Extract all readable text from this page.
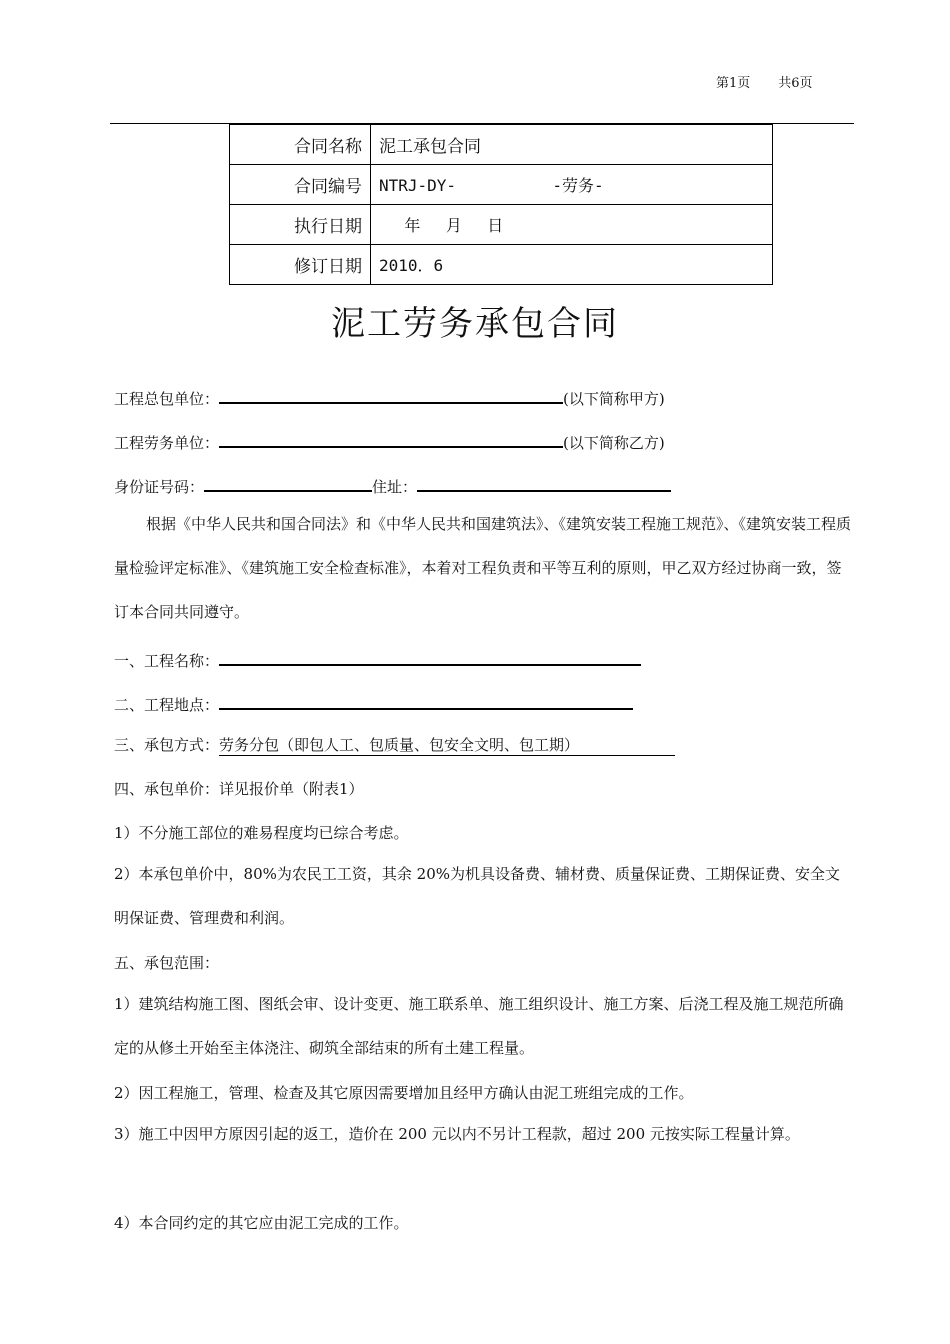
第1页 共6页
合同名称	泥工承包合同
合同编号	NTRJ-DY-          -劳务-
执行日期	年     月     日
修订日期	2010．6
泥工劳务承包合同
工程总包单位：	(以下简称甲方)
工程劳务单位：	(以下简称乙方)
身份证号码：	住址：
根据《中华人民共和国合同法》和《中华人民共和国建筑法》、《建筑安装工程施工规范》、《建筑安装工程质量检验评定标准》、《建筑施工安全检查标准》，本着对工程负责和平等互利的原则，甲乙双方经过协商一致，签订本合同共同遵守。
一、工程名称：
二、工程地点：
三、承包方式：劳务分包（即包人工、包质量、包安全文明、包工期）
四、承包单价：详见报价单（附表1）
1）不分施工部位的难易程度均已综合考虑。
2）本承包单价中，80%为农民工工资，其余 20%为机具设备费、辅材费、质量保证费、工期保证费、安全文明保证费、管理费和利润。
五、承包范围：
1）建筑结构施工图、图纸会审、设计变更、施工联系单、施工组织设计、施工方案、后浇工程及施工规范所确定的从修土开始至主体浇注、砌筑全部结束的所有土建工程量。
2）因工程施工，管理、检查及其它原因需要增加且经甲方确认由泥工班组完成的工作。
3）施工中因甲方原因引起的返工，造价在 200 元以内不另计工程款，超过 200 元按实际工程量计算。
4）本合同约定的其它应由泥工完成的工作。
